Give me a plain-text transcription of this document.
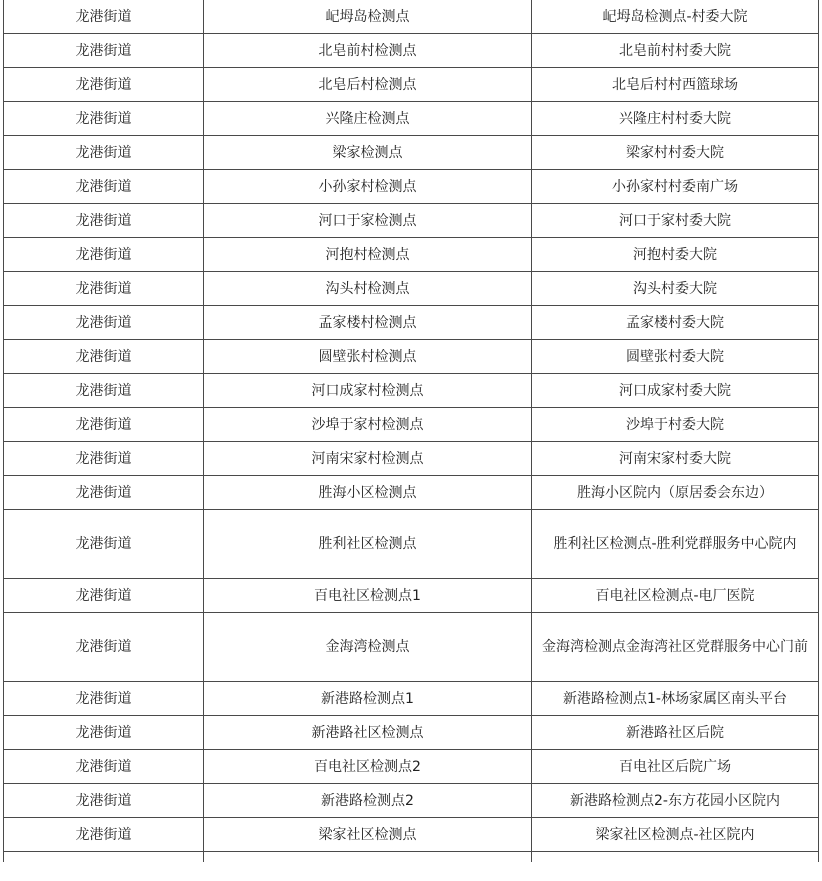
龙港街道	屺坶岛检测点	屺坶岛检测点-村委大院
龙港街道	北皂前村检测点	北皂前村村委大院
龙港街道	北皂后村检测点	北皂后村村西篮球场
龙港街道	兴隆庄检测点	兴隆庄村村委大院
龙港街道	梁家检测点	梁家村村委大院
龙港街道	小孙家村检测点	小孙家村村委南广场
龙港街道	河口于家检测点	河口于家村委大院
龙港街道	河抱村检测点	河抱村委大院
龙港街道	沟头村检测点	沟头村委大院
龙港街道	孟家楼村检测点	孟家楼村委大院
龙港街道	圆壁张村检测点	圆壁张村委大院
龙港街道	河口成家村检测点	河口成家村委大院
龙港街道	沙埠于家村检测点	沙埠于村委大院
龙港街道	河南宋家村检测点	河南宋家村委大院
龙港街道	胜海小区检测点	胜海小区院内（原居委会东边）
龙港街道	胜利社区检测点	胜利社区检测点-胜利党群服务中心院内
龙港街道	百电社区检测点1	百电社区检测点-电厂医院
龙港街道	金海湾检测点	金海湾检测点金海湾社区党群服务中心门前
龙港街道	新港路检测点1	新港路检测点1-林场家属区南头平台
龙港街道	新港路社区检测点	新港路社区后院
龙港街道	百电社区检测点2	百电社区后院广场
龙港街道	新港路检测点2	新港路检测点2-东方花园小区院内
龙港街道	梁家社区检测点	梁家社区检测点-社区院内
